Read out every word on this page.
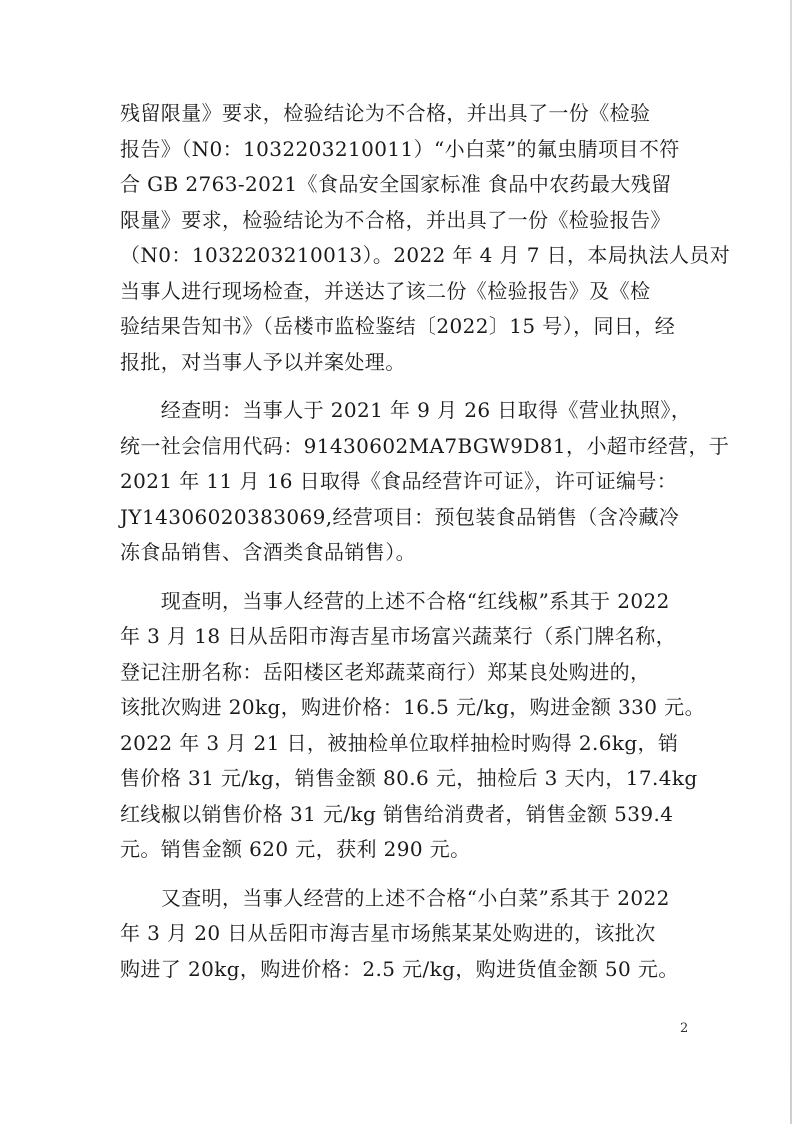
残留限量》要求，检验结论为不合格，并出具了一份《检验
报告》（N0：1032203210011）“小白菜”的氟虫腈项目不符
合 GB 2763-2021《食品安全国家标准 食品中农药最大残留
限量》要求，检验结论为不合格，并出具了一份《检验报告》
（N0：1032203210013）。2022 年 4 月 7 日，本局执法人员对
当事人进行现场检查，并送达了该二份《检验报告》及《检
验结果告知书》（岳楼市监检鉴结〔2022〕15 号），同日，经
报批，对当事人予以并案处理。
　　经查明：当事人于 2021 年 9 月 26 日取得《营业执照》，
统一社会信用代码：91430602MA7BGW9D81，小超市经营，于
2021 年 11 月 16 日取得《食品经营许可证》，许可证编号：
JY14306020383069,经营项目：预包装食品销售（含冷藏冷
冻食品销售、含酒类食品销售）。
　　现查明，当事人经营的上述不合格“红线椒”系其于 2022
年 3 月 18 日从岳阳市海吉星市场富兴蔬菜行（系门牌名称，
登记注册名称：岳阳楼区老郑蔬菜商行）郑某良处购进的，
该批次购进 20kg，购进价格：16.5 元/kg，购进金额 330 元。
2022 年 3 月 21 日，被抽检单位取样抽检时购得 2.6kg，销
售价格 31 元/kg，销售金额 80.6 元，抽检后 3 天内，17.4kg
红线椒以销售价格 31 元/kg 销售给消费者，销售金额 539.4
元。销售金额 620 元，获利 290 元。
　　又查明，当事人经营的上述不合格“小白菜”系其于 2022
年 3 月 20 日从岳阳市海吉星市场熊某某处购进的，该批次
购进了 20kg，购进价格：2.5 元/kg，购进货值金额 50 元。
2
